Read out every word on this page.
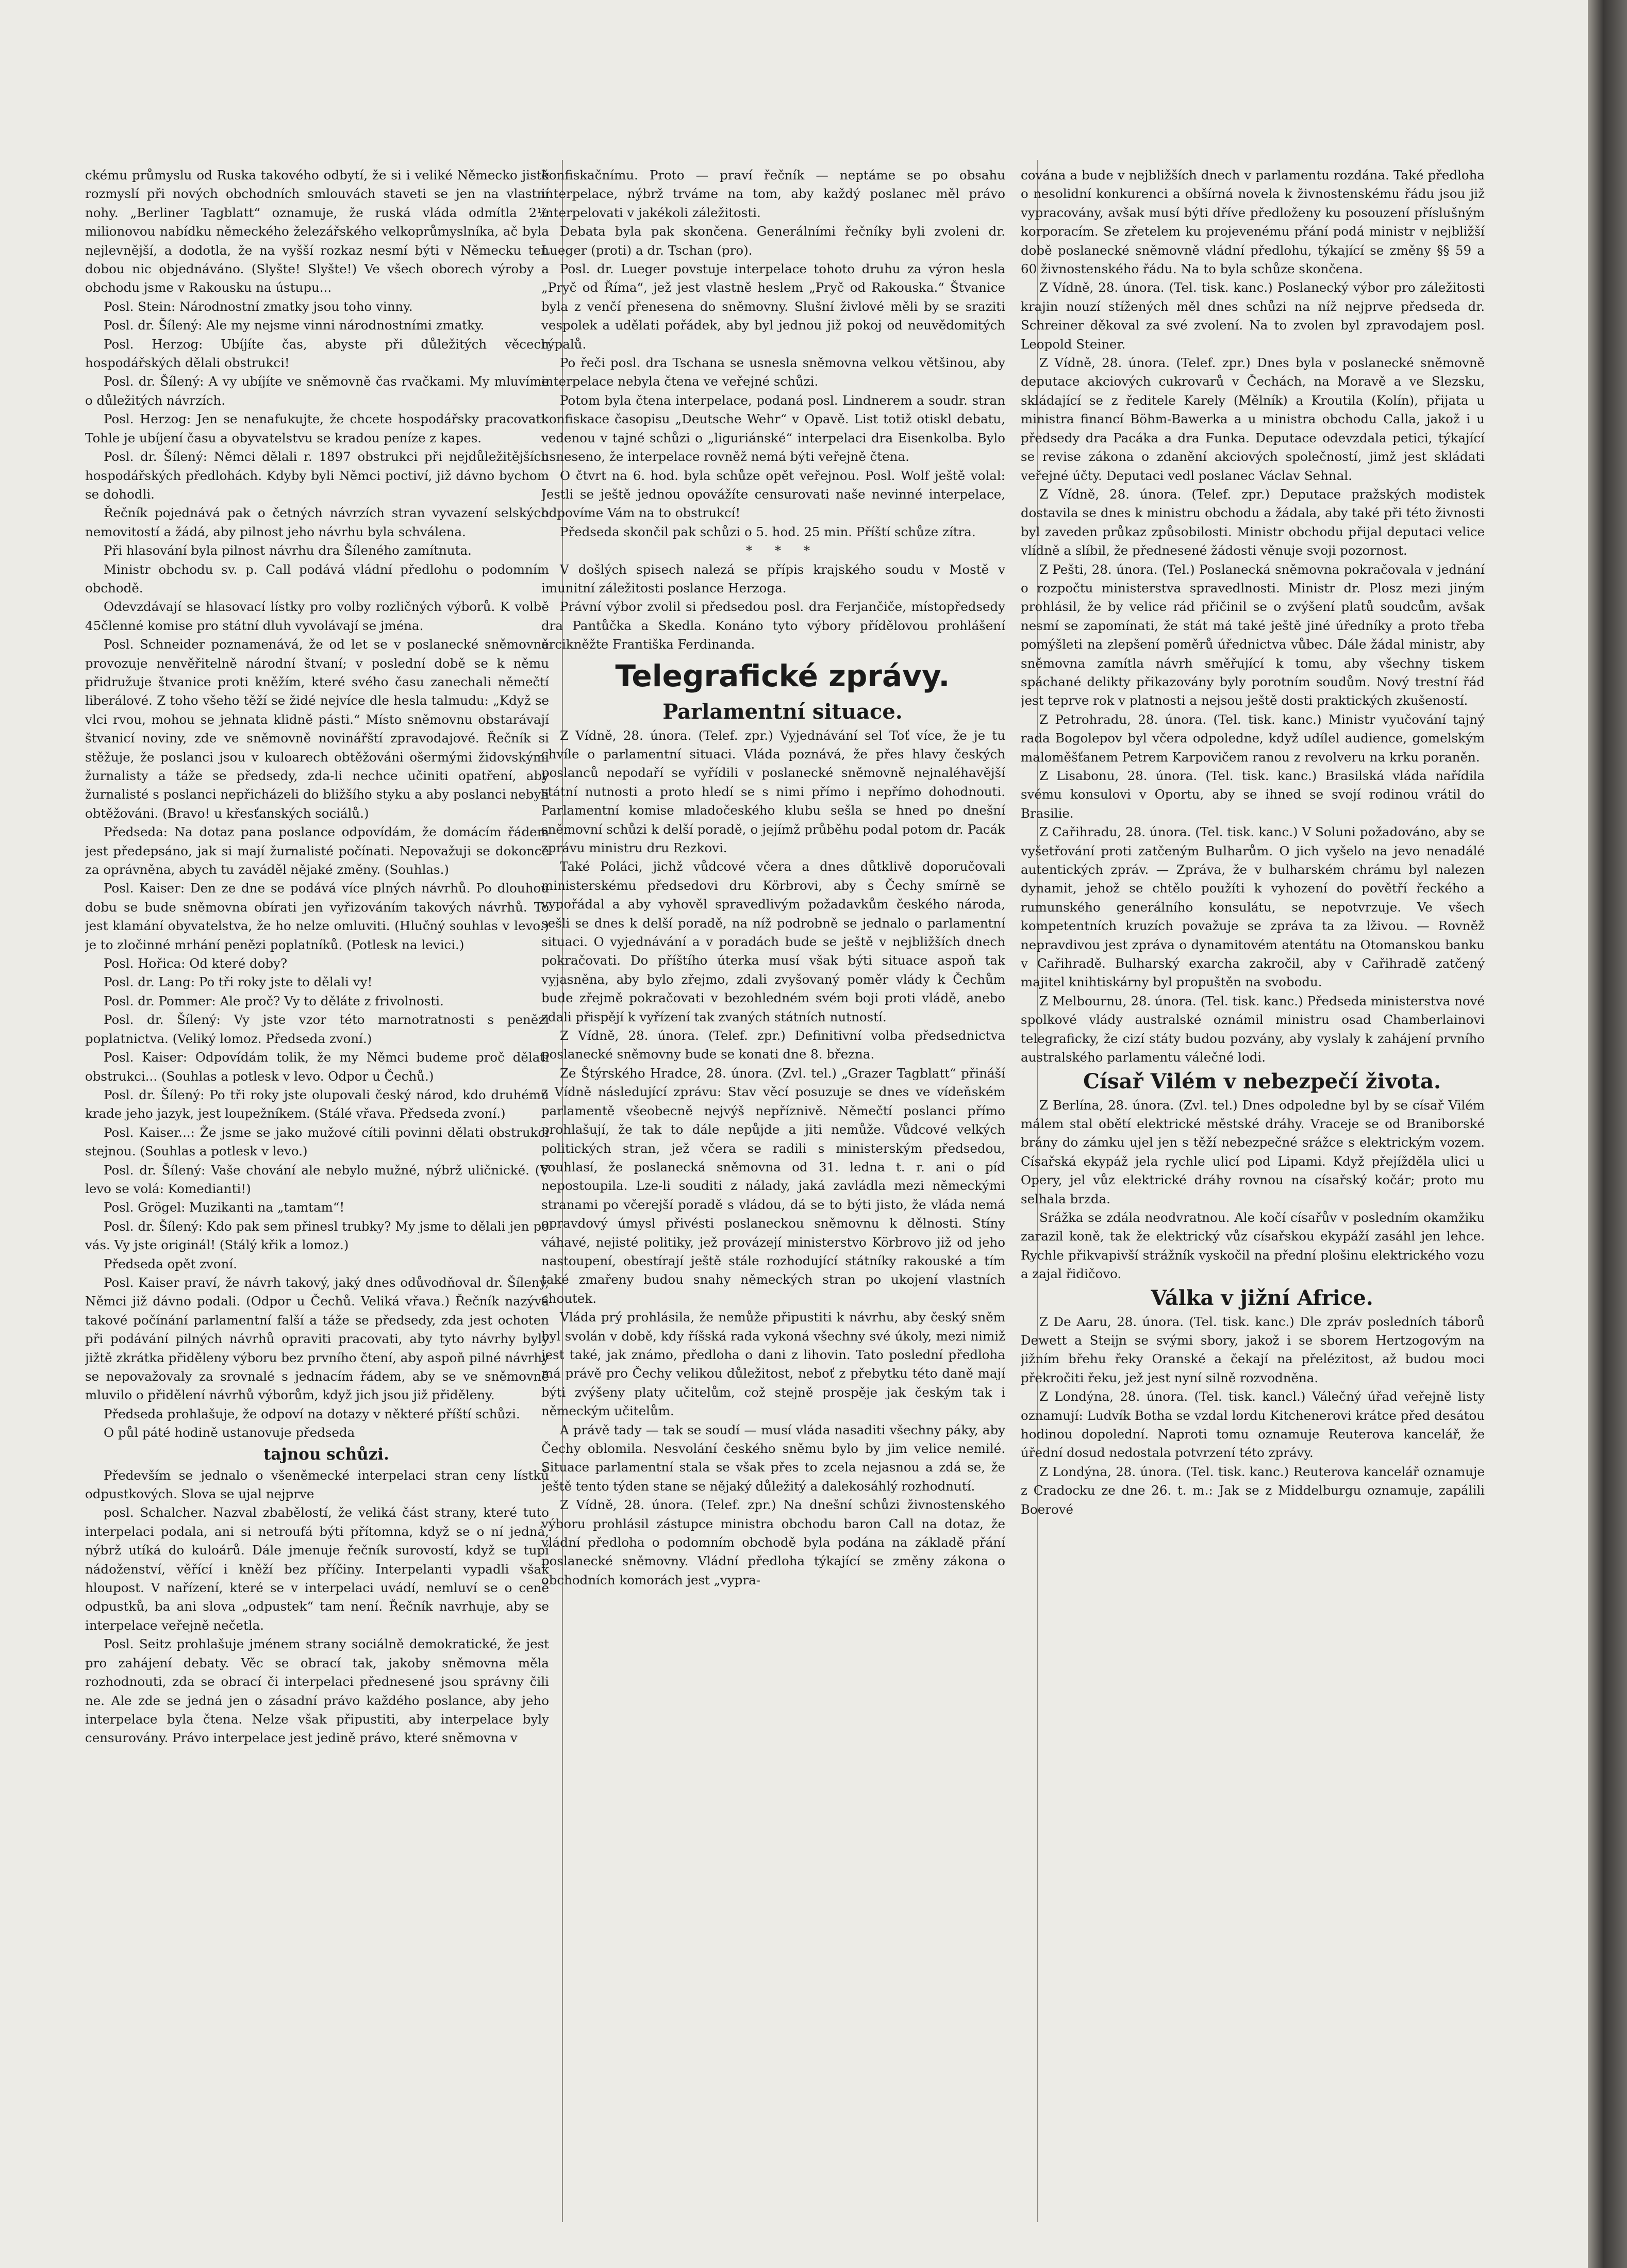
ckému průmyslu od Ruska takového odbytí, že si i veliké Německo jistě rozmyslí při nových obchodních smlouvách staveti se jen na vlastní nohy. „Berliner Tagblatt“ oznamuje, že ruská vláda odmítla 2½ milionovou nabídku německého železářského velkoprůmyslníka, ač byla nejlevnější, a dodotla, že na vyšší rozkaz nesmí býti v Německu ten dobou nic objednáváno. (Slyšte! Slyšte!) Ve všech oborech výroby a obchodu jsme v Rakousku na ústupu...

Posl. Stein: Národnostní zmatky jsou toho vinny.

Posl. dr. Šílený: Ale my nejsme vinni národnostními zmatky.

Posl. Herzog: Ubíjíte čas, abyste při důležitých věcech hospodářských dělali obstrukci!

Posl. dr. Šílený: A vy ubíjíte ve sněmovně čas rvačkami. My mluvíme o důležitých návrzích.

Posl. Herzog: Jen se nenafukujte, že chcete hospodářsky pracovati. Tohle je ubíjení času a obyvatelstvu se kradou peníze z kapes.

Posl. dr. Šílený: Němci dělali r. 1897 obstrukci při nejdůležitějších hospodářských předlohách. Kdyby byli Němci poctiví, již dávno bychom se dohodli.

Řečník pojednává pak o četných návrzích stran vyvazení selských nemovitostí a žádá, aby pilnost jeho návrhu byla schválena.

Při hlasování byla pilnost návrhu dra Šíleného zamítnuta.

Ministr obchodu sv. p. Call podává vládní předlohu o podomním obchodě.

Odevzdávají se hlasovací lístky pro volby rozličných výborů. K volbě 45členné komise pro státní dluh vyvolávají se jména.

Posl. Schneider poznamenává, že od let se v poslanecké sněmovně provozuje nenvěřitelně národní štvaní; v poslední době se k němu přidružuje štvanice proti kněžím, které svého času zanechali němečtí liberálové. Z toho všeho těží se židé nejvíce dle hesla talmudu: „Když se vlci rvou, mohou se jehnata klidně pásti.“ Místo sněmovnu obstarávají štvanicí noviny, zde ve sněmovně novinářští zpravodajové. Řečník si stěžuje, že poslanci jsou v kuloarech obtěžováni ošermými židovskými žurnalisty a táže se předsedy, zda-li nechce učiniti opatření, aby žurnalisté s poslanci nepřicházeli do bližšího styku a aby poslanci nebyli obtěžováni. (Bravo! u křesťanských sociálů.)

Předseda: Na dotaz pana poslance odpovídám, že domácím řádem jest předepsáno, jak si mají žurnalisté počínati. Nepovažuji se dokonce za oprávněna, abych tu zaváděl nějaké změny. (Souhlas.)

Posl. Kaiser: Den ze dne se podává více plných návrhů. Po dlouhou dobu se bude sněmovna obírati jen vyřizováním takových návrhů. To jest klamání obyvatelstva, že ho nelze omluviti. (Hlučný souhlas v levo.) je to zločinné mrhání penězi poplatníků. (Potlesk na levici.)

Posl. Hořica: Od které doby?

Posl. dr. Lang: Po tři roky jste to dělali vy!

Posl. dr. Pommer: Ale proč? Vy to děláte z frivolnosti.

Posl. dr. Šílený: Vy jste vzor této marnotratnosti s penězi poplatnictva. (Veliký lomoz. Předseda zvoní.)

Posl. Kaiser: Odpovídám tolik, že my Němci budeme proč dělati obstrukci... (Souhlas a potlesk v levo. Odpor u Čechů.)

Posl. dr. Šílený: Po tři roky jste olupovali český národ, kdo druhému krade jeho jazyk, jest loupežníkem. (Stálé vřava. Předseda zvoní.)

Posl. Kaiser...: Že jsme se jako mužové cítili povinni dělati obstrukci stejnou. (Souhlas a potlesk v levo.)

Posl. dr. Šílený: Vaše chování ale nebylo mužné, nýbrž uličnické. (V levo se volá: Komedianti!)

Posl. Grögel: Muzikanti na „tamtam“!

Posl. dr. Šílený: Kdo pak sem přinesl trubky? My jsme to dělali jen po vás. Vy jste originál! (Stálý křik a lomoz.)

Předseda opět zvoní.

Posl. Kaiser praví, že návrh takový, jaký dnes odůvodňoval dr. Šílený, Němci již dávno podali. (Odpor u Čechů. Veliká vřava.) Řečník nazývá takové počínání parlamentní falší a táže se předsedy, zda jest ochoten při podávání pilných návrhů opraviti pracovati, aby tyto návrhy byly jižtě zkrátka přiděleny výboru bez prvního čtení, aby aspoň pilné návrhy se nepovažovaly za srovnalé s jednacím řádem, aby se ve sněmovně mluvilo o přidělení návrhů výborům, když jich jsou již přiděleny.

Předseda prohlašuje, že odpoví na dotazy v některé příští schůzi.

O půl páté hodině ustanovuje předseda

tajnou schůzi.

Především se jednalo o všeněmecké interpelaci stran ceny lístků odpustkových. Slova se ujal nejprve

posl. Schalcher. Nazval zbabělostí, že veliká část strany, které tuto interpelaci podala, ani si netroufá býti přítomna, když se o ní jedná, nýbrž utíká do kuloárů. Dále jmenuje řečník surovostí, když se tupí nádoženství, věřící i kněží bez příčiny. Interpelanti vypadli však hloupost. V nařízení, které se v interpelaci uvádí, nemluví se o ceně odpustků, ba ani slova „odpustek“ tam není. Řečník navrhuje, aby se interpelace veřejně nečetla.

Posl. Seitz prohlašuje jménem strany sociálně demokratické, že jest pro zahájení debaty. Věc se obrací tak, jakoby sněmovna měla rozhodnouti, zda se obrací či interpelaci přednesené jsou správny čili ne. Ale zde se jedná jen o zásadní právo každého poslance, aby jeho interpelace byla čtena. Nelze však připustiti, aby interpelace byly censurovány. Právo interpelace jest jedině právo, které sněmovna v

konfiskačnímu. Proto — praví řečník — neptáme se po obsahu interpelace, nýbrž trváme na tom, aby každý poslanec měl právo interpelovati v jakékoli záležitosti.

Debata byla pak skončena. Generálními řečníky byli zvoleni dr. Lueger (proti) a dr. Tschan (pro).

Posl. dr. Lueger povstuje interpelace tohoto druhu za výron hesla „Pryč od Říma“, jež jest vlastně heslem „Pryč od Rakouska.“ Štvanice byla z venčí přenesena do sněmovny. Slušní živlové měli by se sraziti vespolek a udělati pořádek, aby byl jednou již pokoj od neuvědomitých rýpalů.

Po řeči posl. dra Tschana se usnesla sněmovna velkou většinou, aby interpelace nebyla čtena ve veřejné schůzi.

Potom byla čtena interpelace, podaná posl. Lindnerem a soudr. stran konfiskace časopisu „Deutsche Wehr“ v Opavě. List totiž otiskl debatu, vedenou v tajné schůzi o „liguriánské“ interpelaci dra Eisenkolba. Bylo usneseno, že interpelace rovněž nemá býti veřejně čtena.

O čtvrt na 6. hod. byla schůze opět veřejnou. Posl. Wolf ještě volal: Jestli se ještě jednou opovážíte censurovati naše nevinné interpelace, odpovíme Vám na to obstrukcí!

Předseda skončil pak schůzi o 5. hod. 25 min. Příští schůze zítra.

* * *

V došlých spisech nalezá se přípis krajského soudu v Mostě v imunitní záležitosti poslance Herzoga.

Právní výbor zvolil si předsedou posl. dra Ferjančiče, místopředsedy dra Pantůčka a Skedla. Konáno tyto výbory přídělovou prohlášení arcikněžte Františka Ferdinanda.

Telegrafické zprávy.

Parlamentní situace.

Z Vídně, 28. února. (Telef. zpr.) Vyjednávání sel Toť více, že je tu chvíle o parlamentní situaci. Vláda poznává, že přes hlavy českých poslanců nepodaří se vyřídili v poslanecké sněmovně nejnaléhavější státní nutnosti a proto hledí se s nimi přímo i nepřímo dohodnouti. Parlamentní komise mladočeského klubu sešla se hned po dnešní sněmovní schůzi k delší poradě, o jejímž průběhu podal potom dr. Pacák zprávu ministru dru Rezkovi.

Také Poláci, jichž vůdcové včera a dnes důtklivě doporučovali ministerskému předsedovi dru Körbrovi, aby s Čechy smírně se vypořádal a aby vyhověl spravedlivým požadavkům českého národa, sešli se dnes k delší poradě, na níž podrobně se jednalo o parlamentní situaci. O vyjednávání a v poradách bude se ještě v nejbližších dnech pokračovati. Do příštího úterka musí však býti situace aspoň tak vyjasněna, aby bylo zřejmo, zdali zvyšovaný poměr vlády k Čechům bude zřejmě pokračovati v bezohledném svém boji proti vládě, anebo zdali přispějí k vyřízení tak zvaných státních nutností.

Z Vídně, 28. února. (Telef. zpr.) Definitivní volba předsednictva poslanecké sněmovny bude se konati dne 8. března.

Ze Štýrského Hradce, 28. února. (Zvl. tel.) „Grazer Tagblatt“ přináší z Vídně následující zprávu: Stav věcí posuzuje se dnes ve vídeňském parlamentě všeobecně nejvýš nepříznivě. Němečtí poslanci přímo prohlašují, že tak to dále nepůjde a jiti nemůže. Vůdcové velkých politických stran, jež včera se radili s ministerským předsedou, souhlasí, že poslanecká sněmovna od 31. ledna t. r. ani o píď nepostoupila. Lze-li souditi z nálady, jaká zavládla mezi německými stranami po včerejší poradě s vládou, dá se to býti jisto, že vláda nemá opravdový úmysl přivésti poslaneckou sněmovnu k dělnosti. Stíny váhavé, nejisté politiky, jež provázejí ministerstvo Körbrovo již od jeho nastoupení, obestírají ještě stále rozhodující státníky rakouské a tím také zmařeny budou snahy německých stran po ukojení vlastních choutek.

Vláda prý prohlásila, že nemůže připustiti k návrhu, aby český sněm byl svolán v době, kdy říšská rada vykoná všechny své úkoly, mezi nimiž jest také, jak známo, předloha o dani z lihovin. Tato poslední předloha má právě pro Čechy velikou důležitost, neboť z přebytku této daně mají býti zvýšeny platy učitelům, což stejně prospěje jak českým tak i německým učitelům.

A právě tady — tak se soudí — musí vláda nasaditi všechny páky, aby Čechy oblomila. Nesvolání českého sněmu bylo by jim velice nemilé. Situace parlamentní stala se však přes to zcela nejasnou a zdá se, že ještě tento týden stane se nějaký důležitý a dalekosáhlý rozhodnutí.

Z Vídně, 28. února. (Telef. zpr.) Na dnešní schůzi živnostenského výboru prohlásil zástupce ministra obchodu baron Call na dotaz, že vládní předloha o podomním obchodě byla podána na základě přání poslanecké sněmovny. Vládní předloha týkající se změny zákona o obchodních komorách jest „vypra-

cována a bude v nejbližších dnech v parlamentu rozdána. Také předloha o nesolidní konkurenci a obšírná novela k živnostenskému řádu jsou již vypracovány, avšak musí býti dříve předloženy ku posouzení příslušným korporacím. Se zřetelem ku projevenému přání podá ministr v nejbližší době poslanecké sněmovně vládní předlohu, týkající se změny §§ 59 a 60 živnostenského řádu. Na to byla schůze skončena.

Z Vídně, 28. února. (Tel. tisk. kanc.) Poslanecký výbor pro záležitosti krajin nouzí stížených měl dnes schůzi na níž nejprve předseda dr. Schreiner děkoval za své zvolení. Na to zvolen byl zpravodajem posl. Leopold Steiner.

Z Vídně, 28. února. (Telef. zpr.) Dnes byla v poslanecké sněmovně deputace akciových cukrovarů v Čechách, na Moravě a ve Slezsku, skládající se z ředitele Karely (Mělník) a Kroutila (Kolín), přijata u ministra financí Böhm-Bawerka a u ministra obchodu Calla, jakož i u předsedy dra Pacáka a dra Funka. Deputace odevzdala petici, týkající se revise zákona o zdanění akciových společností, jimž jest skládati veřejné účty. Deputaci vedl poslanec Václav Sehnal.

Z Vídně, 28. února. (Telef. zpr.) Deputace pražských modistek dostavila se dnes k ministru obchodu a žádala, aby také při této živnosti byl zaveden průkaz způsobilosti. Ministr obchodu přijal deputaci velice vlídně a slíbil, že přednesené žádosti věnuje svoji pozornost.

Z Pešti, 28. února. (Tel.) Poslanecká sněmovna pokračovala v jednání o rozpočtu ministerstva spravedlnosti. Ministr dr. Plosz mezi jiným prohlásil, že by velice rád přičinil se o zvýšení platů soudcům, avšak nesmí se zapomínati, že stát má také ještě jiné úředníky a proto třeba pomýšleti na zlepšení poměrů úřednictva vůbec. Dále žádal ministr, aby sněmovna zamítla návrh směřující k tomu, aby všechny tiskem spáchané delikty přikazovány byly porotním soudům. Nový trestní řád jest teprve rok v platnosti a nejsou ještě dosti praktických zkušeností.

Z Petrohradu, 28. února. (Tel. tisk. kanc.) Ministr vyučování tajný rada Bogolepov byl včera odpoledne, když udílel audience, gomelským maloměšťanem Petrem Karpovičem ranou z revolveru na krku poraněn.

Z Lisabonu, 28. února. (Tel. tisk. kanc.) Brasilská vláda nařídila svému konsulovi v Oportu, aby se ihned se svojí rodinou vrátil do Brasilie.

Z Cařihradu, 28. února. (Tel. tisk. kanc.) V Soluni požadováno, aby se vyšetřování proti zatčeným Bulharům. O jich vyšelo na jevo nenadálé autentických zpráv. — Zpráva, že v bulharském chrámu byl nalezen dynamit, jehož se chtělo použíti k vyhození do povětří řeckého a rumunského generálního konsulátu, se nepotvrzuje. Ve všech kompetentních kruzích považuje se zpráva ta za lživou. — Rovněž nepravdivou jest zpráva o dynamitovém atentátu na Otomanskou banku v Cařihradě. Bulharský exarcha zakročil, aby v Cařihradě zatčený majitel knihtiskárny byl propuštěn na svobodu.

Z Melbournu, 28. února. (Tel. tisk. kanc.) Předseda ministerstva nové spolkové vlády australské oznámil ministru osad Chamberlainovi telegraficky, že cizí státy budou pozvány, aby vyslaly k zahájení prvního australského parlamentu válečné lodi.

Císař Vilém v nebezpečí života.

Z Berlína, 28. února. (Zvl. tel.) Dnes odpoledne byl by se císař Vilém málem stal obětí elektrické městské dráhy. Vraceje se od Braniborské brány do zámku ujel jen s těží nebezpečné srážce s elektrickým vozem. Císařská ekypáž jela rychle ulicí pod Lipami. Když přejížděla ulici u Opery, jel vůz elektrické dráhy rovnou na císařský kočár; proto mu selhala brzda.

Srážka se zdála neodvratnou. Ale kočí císařův v posledním okamžiku zarazil koně, tak že elektrický vůz císařskou ekypáží zasáhl jen lehce. Rychle přikvapivší strážník vyskočil na přední plošinu elektrického vozu a zajal řidičovo.

Válka v jižní Africe.

Z De Aaru, 28. února. (Tel. tisk. kanc.) Dle zpráv posledních táborů Dewett a Steijn se svými sbory, jakož i se sborem Hertzogovým na jižním břehu řeky Oranské a čekají na přelézitost, až budou moci překročiti řeku, jež jest nyní silně rozvodněna.

Z Londýna, 28. února. (Tel. tisk. kancl.) Válečný úřad veřejně listy oznamují: Ludvík Botha se vzdal lordu Kitchenerovi krátce před desátou hodinou dopolední. Naproti tomu oznamuje Reuterova kancelář, že úřední dosud nedostala potvrzení této zprávy.

Z Londýna, 28. února. (Tel. tisk. kanc.) Reuterova kancelář oznamuje z Cradocku ze dne 26. t. m.: Jak se z Middelburgu oznamuje, zapálili Boerové
